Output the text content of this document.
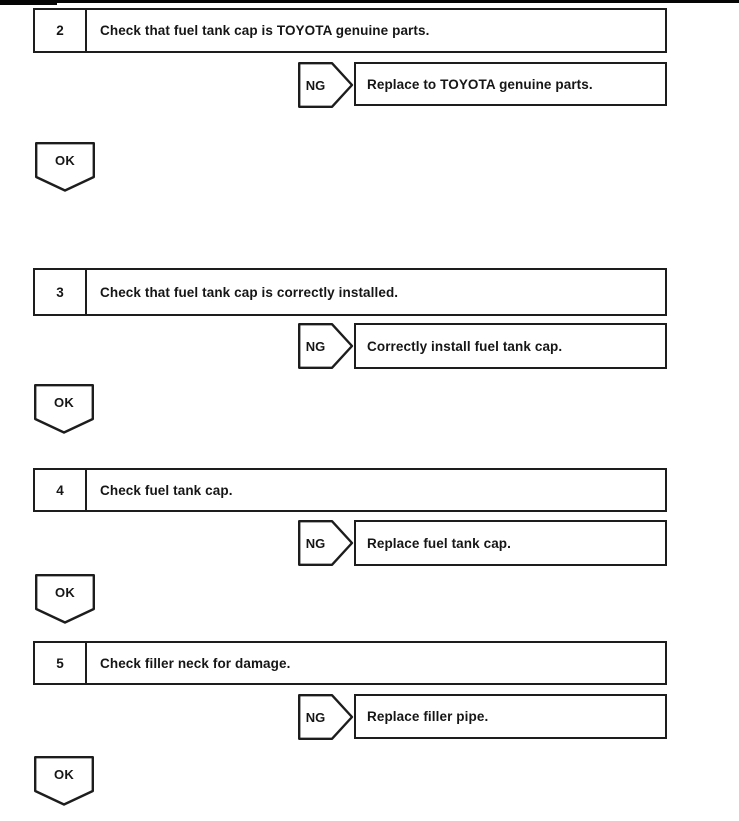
2	Check that fuel tank cap is TOYOTA genuine parts.
NG	Replace to TOYOTA genuine parts.
OK
3	Check that fuel tank cap is correctly installed.
NG	Correctly install fuel tank cap.
OK
4	Check fuel tank cap.
NG	Replace fuel tank cap.
OK
5	Check filler neck for damage.
NG	Replace filler pipe.
OK
